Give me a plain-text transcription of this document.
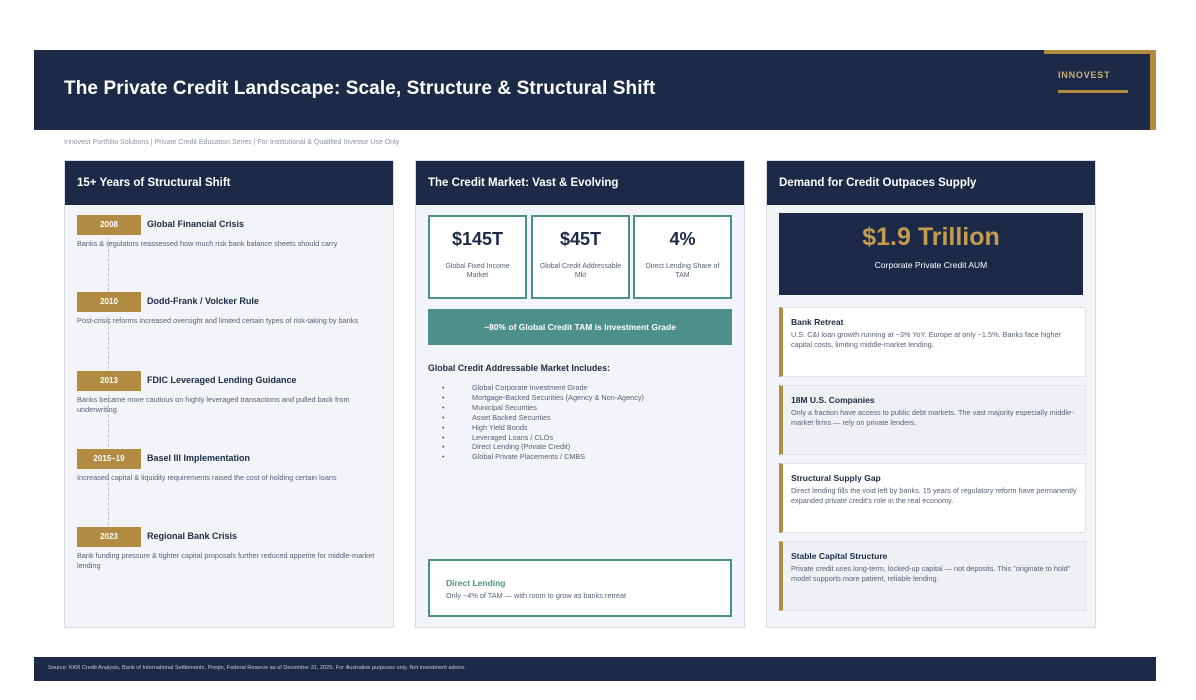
The Private Credit Landscape: Scale, Structure & Structural Shift
INNOVEST
Innovest Portfolio Solutions | Private Credit Education Series | For Institutional & Qualified Investor Use Only
15+ Years of Structural Shift
2008	Global Financial Crisis
Banks & regulators reassessed how much risk bank balance sheets should carry
2010	Dodd-Frank / Volcker Rule
Post-crisis reforms increased oversight and limited certain types of risk-taking by banks
2013	FDIC Leveraged Lending Guidance
Banks became more cautious on highly leveraged transactions and pulled back from underwriting
2015–19	Basel III Implementation
Increased capital & liquidity requirements raised the cost of holding certain loans
2023	Regional Bank Crisis
Bank funding pressure & tighter capital proposals further reduced appetite for middle-market lending
The Credit Market: Vast & Evolving
$145T
Global Fixed Income Market
$45T
Global Credit Addressable Mkt
4%
Direct Lending Share of TAM
~80% of Global Credit TAM is Investment Grade
Global Credit Addressable Market Includes:
• Global Corporate Investment Grade
• Mortgage-Backed Securities (Agency & Non-Agency)
• Municipal Securities
• Asset Backed Securities
• High Yield Bonds
• Leveraged Loans / CLOs
• Direct Lending (Private Credit)
• Global Private Placements / CMBS
Direct Lending
Only ~4% of TAM — with room to grow as banks retreat
Demand for Credit Outpaces Supply
$1.9 Trillion
Corporate Private Credit AUM
Bank Retreat
U.S. C&I loan growth running at ~3% YoY. Europe at only ~1.5%. Banks face higher capital costs, limiting middle-market lending.
18M U.S. Companies
Only a fraction have access to public debt markets. The vast majority especially middle-market firms — rely on private lenders.
Structural Supply Gap
Direct lending fills the void left by banks. 15 years of regulatory reform have permanently expanded private credit's role in the real economy.
Stable Capital Structure
Private credit uses long-term, locked-up capital — not deposits. This "originate to hold" model supports more patient, reliable lending.
Source: KKR Credit Analysis, Bank of International Settlements, Preqin, Federal Reserve as of December 31, 2025. For illustrative purposes only. Not investment advice.
